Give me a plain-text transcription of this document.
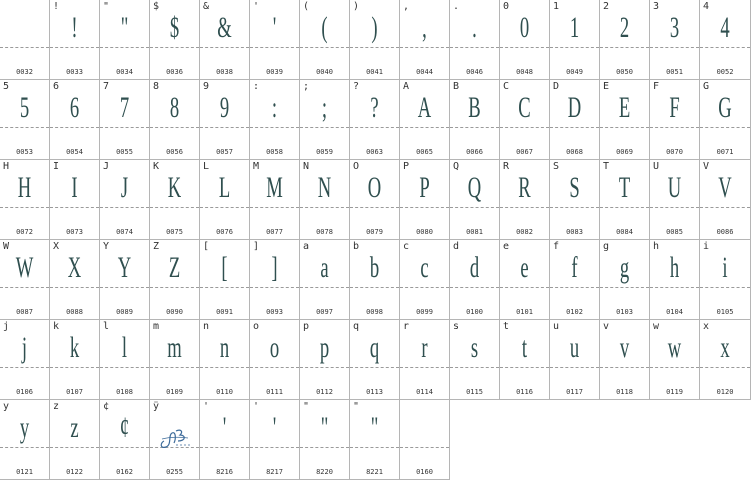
0032
!
!
0033
"
"
0034
$
$
0036
&
&
0038
'
'
0039
(
(
0040
)
)
0041
,
,
0044
.
.
0046
0
0
0048
1
1
0049
2
2
0050
3
3
0051
4
4
0052
5
5
0053
6
6
0054
7
7
0055
8
8
0056
9
9
0057
:
:
0058
;
;
0059
?
?
0063
A
A
0065
B
B
0066
C
C
0067
D
D
0068
E
E
0069
F
F
0070
G
G
0071
H
H
0072
I
I
0073
J
J
0074
K
K
0075
L
L
0076
M
M
0077
N
N
0078
O
O
0079
P
P
0080
Q
Q
0081
R
R
0082
S
S
0083
T
T
0084
U
U
0085
V
V
0086
W
W
0087
X
X
0088
Y
Y
0089
Z
Z
0090
[
[
0091
]
]
0093
a
a
0097
b
b
0098
c
c
0099
d
d
0100
e
e
0101
f
f
0102
g
g
0103
h
h
0104
i
i
0105
j
j
0106
k
k
0107
l
l
0108
m
m
0109
n
n
0110
o
o
0111
p
p
0112
q
q
0113
r
r
0114
s
s
0115
t
t
0116
u
u
0117
v
v
0118
w
w
0119
x
x
0120
y
y
0121
z
z
0122
¢
¢
0162
ÿ
0255
'
'
8216
'
'
8217
"
"
8220
"
"
8221	0160
